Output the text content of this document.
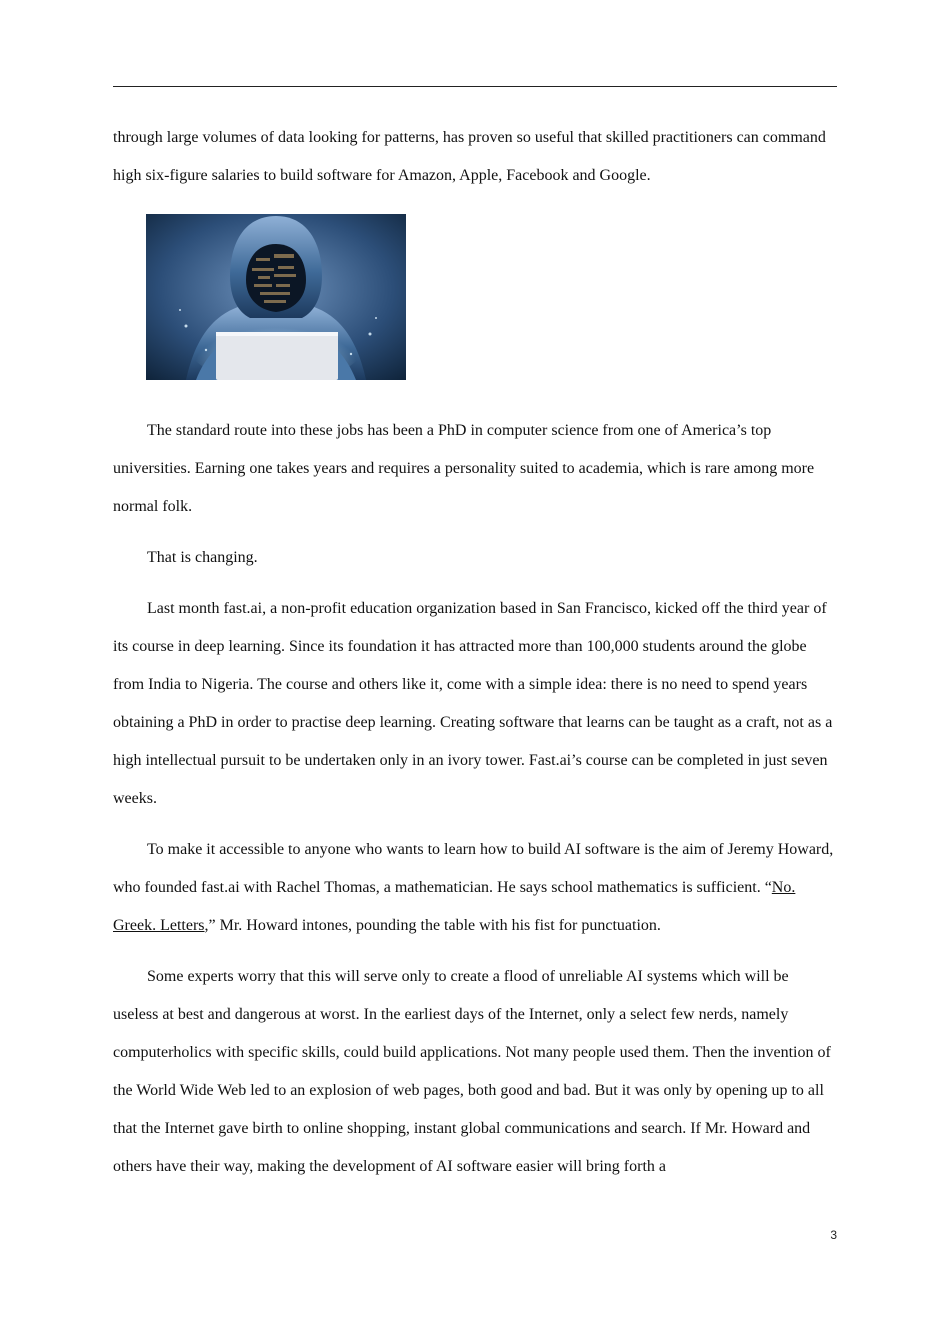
through large volumes of data looking for patterns, has proven so useful that skilled practitioners can command high six-figure salaries to build software for Amazon, Apple, Facebook and Google.

The standard route into these jobs has been a PhD in computer science from one of America’s top universities. Earning one takes years and requires a personality suited to academia, which is rare among more normal folk.

That is changing.

Last month fast.ai, a non-profit education organization based in San Francisco, kicked off the third year of its course in deep learning. Since its foundation it has attracted more than 100,000 students around the globe from India to Nigeria. The course and others like it, come with a simple idea: there is no need to spend years obtaining a PhD in order to practise deep learning. Creating software that learns can be taught as a craft, not as a high intellectual pursuit to be undertaken only in an ivory tower. Fast.ai’s course can be completed in just seven weeks.

To make it accessible to anyone who wants to learn how to build AI software is the aim of Jeremy Howard, who founded fast.ai with Rachel Thomas, a mathematician. He says school mathematics is sufficient. “No. Greek. Letters,” Mr. Howard intones, pounding the table with his fist for punctuation.

Some experts worry that this will serve only to create a flood of unreliable AI systems which will be useless at best and dangerous at worst. In the earliest days of the Internet, only a select few nerds, namely computerholics with specific skills, could build applications. Not many people used them. Then the invention of the World Wide Web led to an explosion of web pages, both good and bad. But it was only by opening up to all that the Internet gave birth to online shopping, instant global communications and search. If Mr. Howard and others have their way, making the development of AI software easier will bring forth a

3
